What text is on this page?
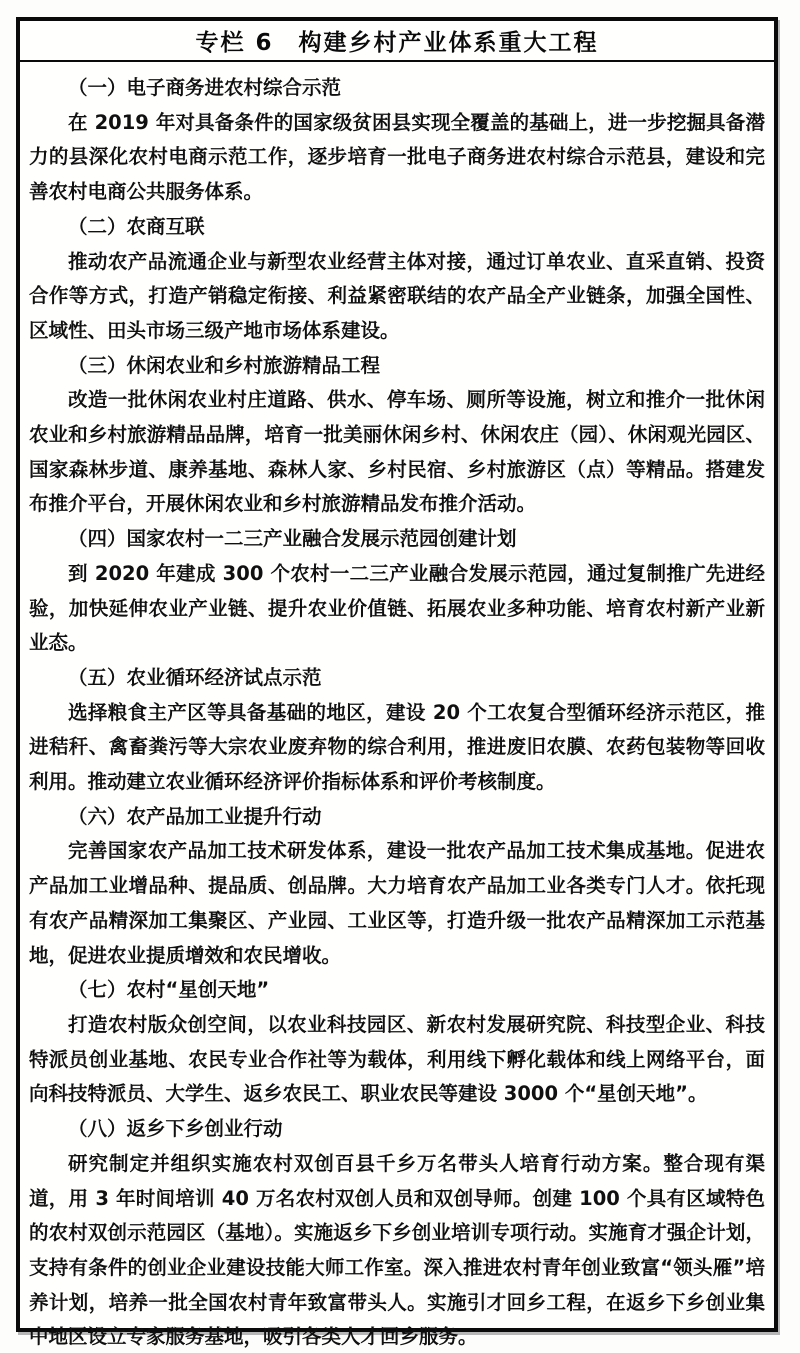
专栏 6　构建乡村产业体系重大工程

（一）电子商务进农村综合示范

在 2019 年对具备条件的国家级贫困县实现全覆盖的基础上，进一步挖掘具备潜力的县深化农村电商示范工作，逐步培育一批电子商务进农村综合示范县，建设和完善农村电商公共服务体系。

（二）农商互联

推动农产品流通企业与新型农业经营主体对接，通过订单农业、直采直销、投资合作等方式，打造产销稳定衔接、利益紧密联结的农产品全产业链条，加强全国性、区域性、田头市场三级产地市场体系建设。

（三）休闲农业和乡村旅游精品工程

改造一批休闲农业村庄道路、供水、停车场、厕所等设施，树立和推介一批休闲农业和乡村旅游精品品牌，培育一批美丽休闲乡村、休闲农庄（园）、休闲观光园区、国家森林步道、康养基地、森林人家、乡村民宿、乡村旅游区（点）等精品。搭建发布推介平台，开展休闲农业和乡村旅游精品发布推介活动。

（四）国家农村一二三产业融合发展示范园创建计划

到 2020 年建成 300 个农村一二三产业融合发展示范园，通过复制推广先进经验，加快延伸农业产业链、提升农业价值链、拓展农业多种功能、培育农村新产业新业态。

（五）农业循环经济试点示范

选择粮食主产区等具备基础的地区，建设 20 个工农复合型循环经济示范区，推进秸秆、禽畜粪污等大宗农业废弃物的综合利用，推进废旧农膜、农药包装物等回收利用。推动建立农业循环经济评价指标体系和评价考核制度。

（六）农产品加工业提升行动

完善国家农产品加工技术研发体系，建设一批农产品加工技术集成基地。促进农产品加工业增品种、提品质、创品牌。大力培育农产品加工业各类专门人才。依托现有农产品精深加工集聚区、产业园、工业区等，打造升级一批农产品精深加工示范基地，促进农业提质增效和农民增收。

（七）农村“星创天地”

打造农村版众创空间，以农业科技园区、新农村发展研究院、科技型企业、科技特派员创业基地、农民专业合作社等为载体，利用线下孵化载体和线上网络平台，面向科技特派员、大学生、返乡农民工、职业农民等建设 3000 个“星创天地”。

（八）返乡下乡创业行动

研究制定并组织实施农村双创百县千乡万名带头人培育行动方案。整合现有渠道，用 3 年时间培训 40 万名农村双创人员和双创导师。创建 100 个具有区域特色的农村双创示范园区（基地）。实施返乡下乡创业培训专项行动。实施育才强企计划，支持有条件的创业企业建设技能大师工作室。深入推进农村青年创业致富“领头雁”培养计划，培养一批全国农村青年致富带头人。实施引才回乡工程，在返乡下乡创业集中地区设立专家服务基地，吸引各类人才回乡服务。
